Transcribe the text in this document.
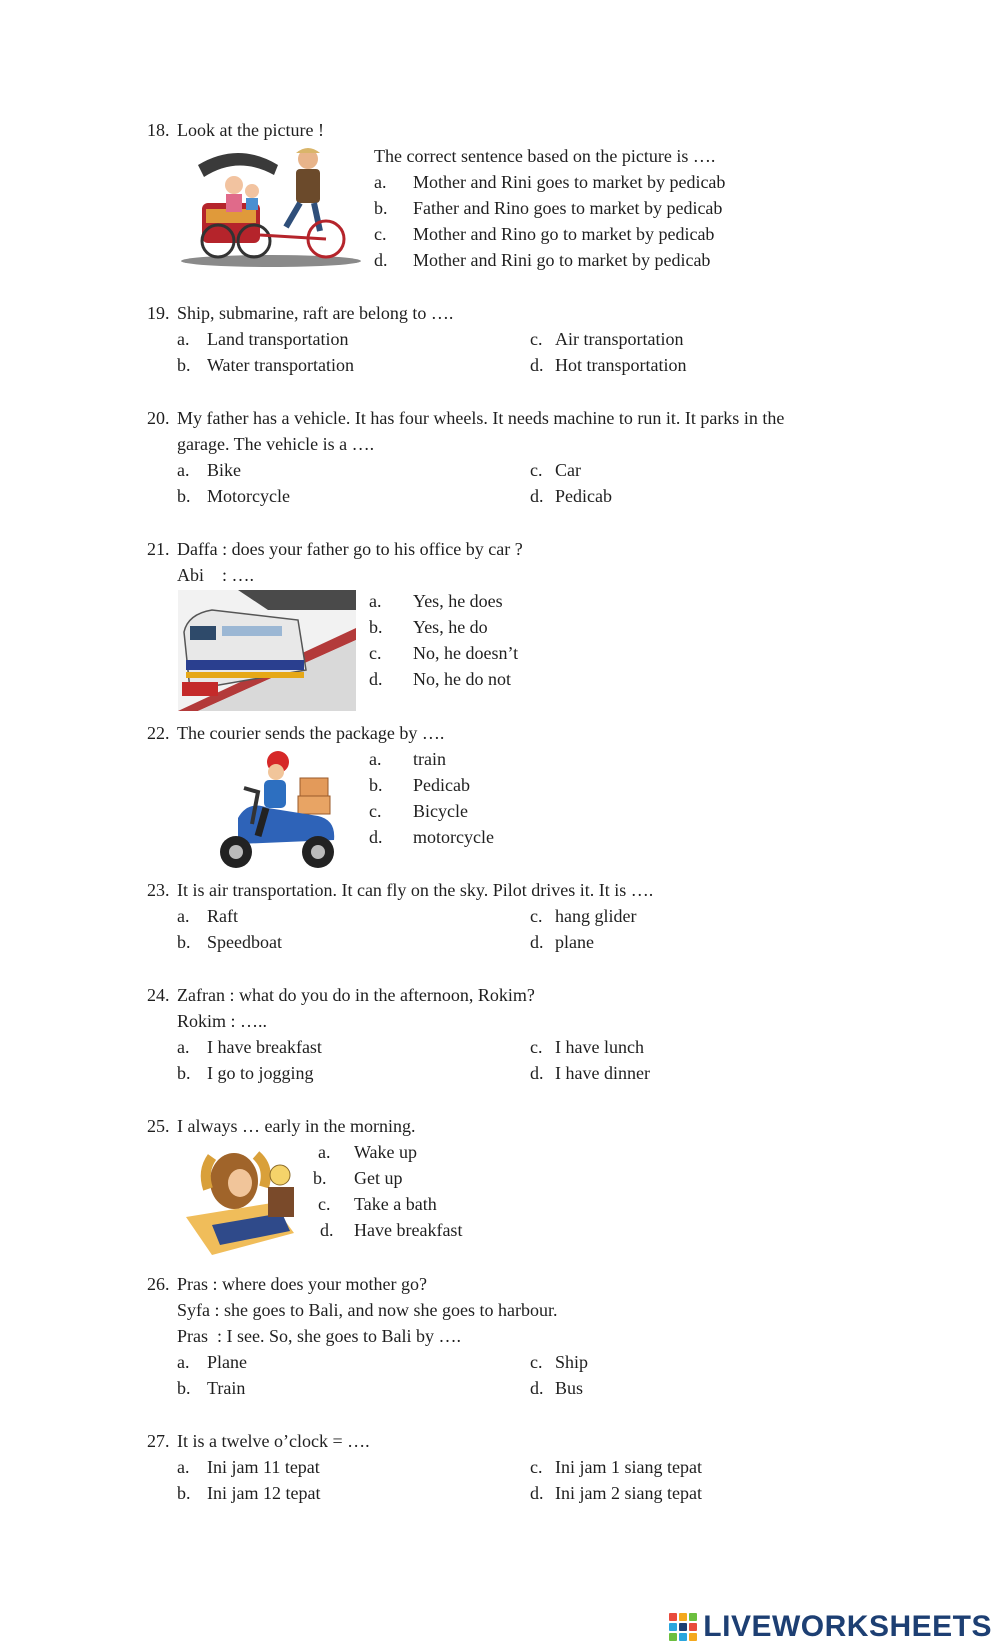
18. Look at the picture !
The correct sentence based on the picture is ….
a. Mother and Rini goes to market by pedicab
b. Father and Rino goes to market by pedicab
c. Mother and Rino go to market by pedicab
d. Mother and Rini go to market by pedicab
19. Ship, submarine, raft are belong to ….
a. Land transportation
b. Water transportation
c. Air transportation
d. Hot transportation
20. My father has a vehicle. It has four wheels. It needs machine to run it. It parks in the
garage. The vehicle is a ….
a. Bike
b. Motorcycle
c. Car
d. Pedicab
21. Daffa : does your father go to his office by car ?
Abi    : ….
a. Yes, he does
b. Yes, he do
c. No, he doesn’t
d. No, he do not
22. The courier sends the package by ….
a. train
b. Pedicab
c. Bicycle
d. motorcycle
23. It is air transportation. It can fly on the sky. Pilot drives it. It is ….
a. Raft
b. Speedboat
c. hang glider
d. plane
24. Zafran : what do you do in the afternoon, Rokim?
Rokim : …..
a. I have breakfast
b. I go to jogging
c. I have lunch
d. I have dinner
25. I always … early in the morning.
a. Wake up
b. Get up
c. Take a bath
d. Have breakfast
26. Pras : where does your mother go?
Syfa : she goes to Bali, and now she goes to harbour.
Pras  : I see. So, she goes to Bali by ….
a. Plane
b. Train
c. Ship
d. Bus
27. It is a twelve o’clock = ….
a. Ini jam 11 tepat
b. Ini jam 12 tepat
c. Ini jam 1 siang tepat
d. Ini jam 2 siang tepat
LIVEWORKSHEETS
